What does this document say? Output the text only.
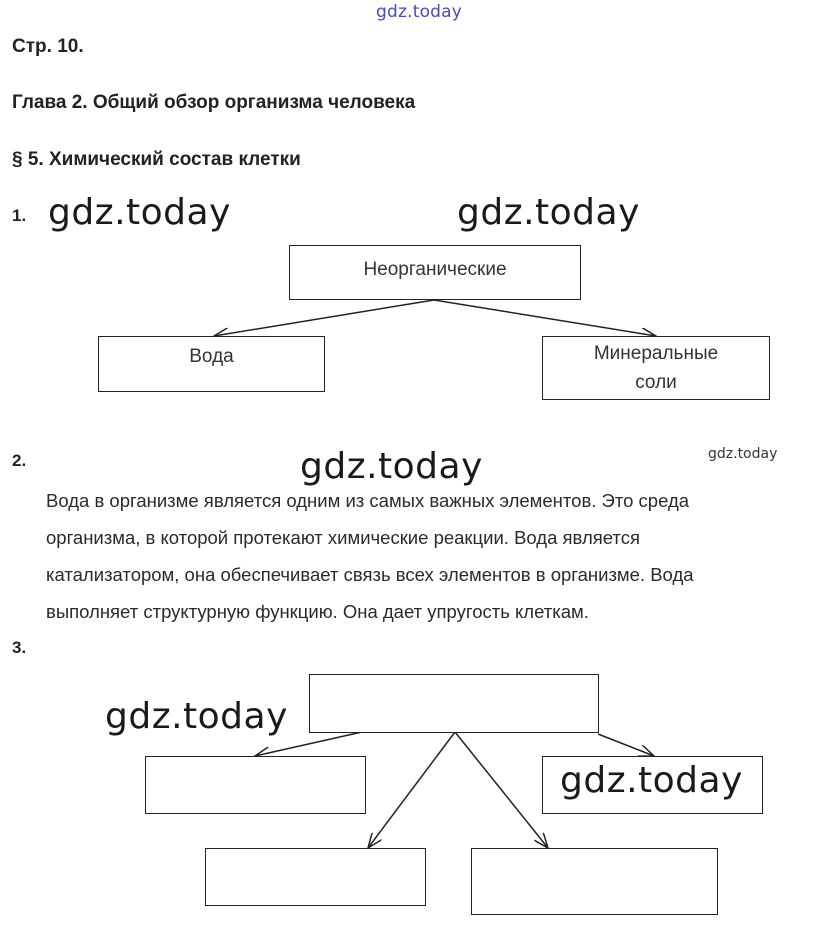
gdz.today
Стр. 10.
Глава 2. Общий обзор организма человека
§ 5. Химический состав клетки
1. gdz.today	gdz.today
Неорганические
Вода	Минеральные
соли
2.	gdz.today	gdz.today

Вода в организме является одним из самых важных элементов. Это среда

организма, в которой протекают химические реакции. Вода является

катализатором, она обеспечивает связь всех элементов в организме. Вода

выполняет структурную функцию. Она дает упругость клеткам.

3.
gdz.today
gdz.today
